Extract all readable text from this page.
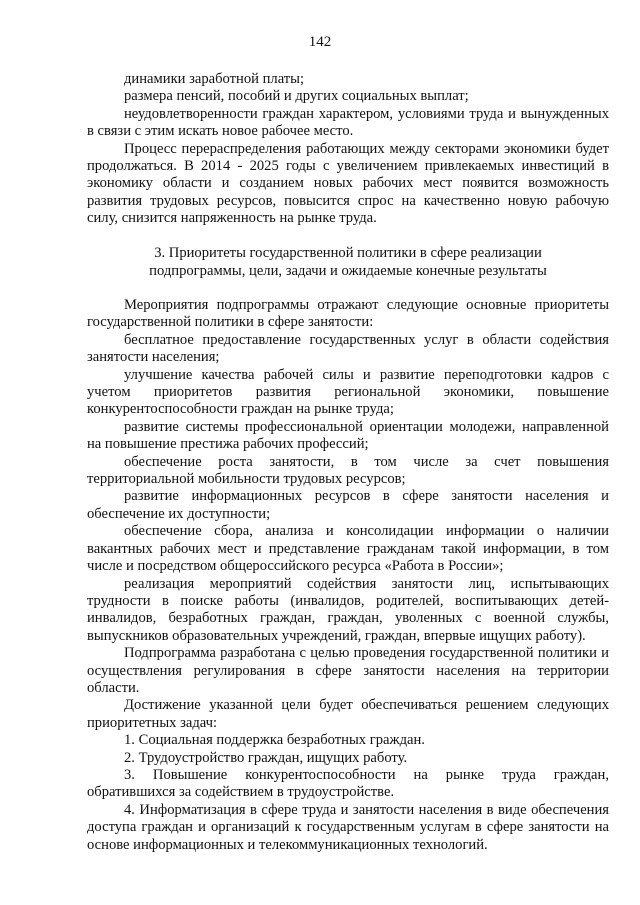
142

динамики заработной платы;

размера пенсий, пособий и других социальных выплат;

неудовлетворенности граждан характером, условиями труда и вынужденных в связи с этим искать новое рабочее место.

Процесс перераспределения работающих между секторами экономики будет продолжаться. В 2014 - 2025 годы с увеличением привлекаемых инвестиций в экономику области и созданием новых рабочих мест появится возможность развития трудовых ресурсов, повысится спрос на качественно новую рабочую силу, снизится напряженность на рынке труда.

3. Приоритеты государственной политики в сфере реализации
подпрограммы, цели, задачи и ожидаемые конечные результаты

Мероприятия подпрограммы отражают следующие основные приоритеты государственной политики в сфере занятости:

бесплатное предоставление государственных услуг в области содействия занятости населения;

улучшение качества рабочей силы и развитие переподготовки кадров с учетом приоритетов развития региональной экономики, повышение конкурентоспособности граждан на рынке труда;

развитие системы профессиональной ориентации молодежи, направленной на повышение престижа рабочих профессий;

обеспечение роста занятости, в том числе за счет повышения территориальной мобильности трудовых ресурсов;

развитие информационных ресурсов в сфере занятости населения и обеспечение их доступности;

обеспечение сбора, анализа и консолидации информации о наличии вакантных рабочих мест и представление гражданам такой информации, в том числе и посредством общероссийского ресурса «Работа в России»;

реализация мероприятий содействия занятости лиц, испытывающих трудности в поиске работы (инвалидов, родителей, воспитывающих детей-инвалидов, безработных граждан, граждан, уволенных с военной службы, выпускников образовательных учреждений, граждан, впервые ищущих работу).

Подпрограмма разработана с целью проведения государственной политики и осуществления регулирования в сфере занятости населения на территории области.

Достижение указанной цели будет обеспечиваться решением следующих приоритетных задач:

1. Социальная поддержка безработных граждан.

2. Трудоустройство граждан, ищущих работу.

3. Повышение конкурентоспособности на рынке труда граждан, обратившихся за содействием в трудоустройстве.

4. Информатизация в сфере труда и занятости населения в виде обеспечения доступа граждан и организаций к государственным услугам в сфере занятости на основе информационных и телекоммуникационных технологий.
